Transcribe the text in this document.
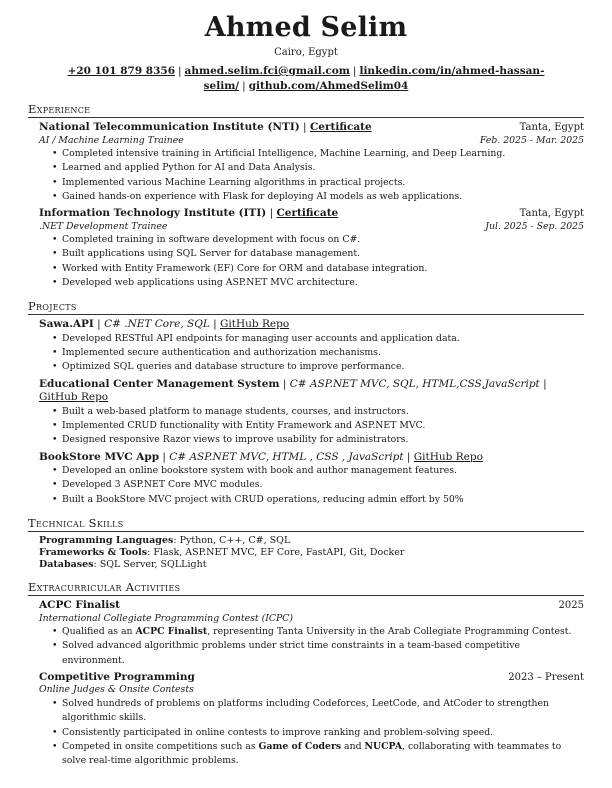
Ahmed Selim
Cairo, Egypt
+20 101 879 8356 | ahmed.selim.fci@gmail.com | linkedin.com/in/ahmed-hassan-selim/ | github.com/AhmedSelim04
Experience
National Telecommunication Institute (NTI) | Certificate	Tanta, Egypt
AI / Machine Learning Trainee	Feb. 2025 - Mar. 2025
• Completed intensive training in Artificial Intelligence, Machine Learning, and Deep Learning.
• Learned and applied Python for AI and Data Analysis.
• Implemented various Machine Learning algorithms in practical projects.
• Gained hands-on experience with Flask for deploying AI models as web applications.
Information Technology Institute (ITI) | Certificate	Tanta, Egypt
.NET Development Trainee	Jul. 2025 - Sep. 2025
• Completed training in software development with focus on C#.
• Built applications using SQL Server for database management.
• Worked with Entity Framework (EF) Core for ORM and database integration.
• Developed web applications using ASP.NET MVC architecture.
Projects
Sawa.API | C# .NET Core, SQL | GitHub Repo
• Developed RESTful API endpoints for managing user accounts and application data.
• Implemented secure authentication and authorization mechanisms.
• Optimized SQL queries and database structure to improve performance.
Educational Center Management System | C# ASP.NET MVC, SQL, HTML,CSS,JavaScript | GitHub Repo
• Built a web-based platform to manage students, courses, and instructors.
• Implemented CRUD functionality with Entity Framework and ASP.NET MVC.
• Designed responsive Razor views to improve usability for administrators.
BookStore MVC App | C# ASP.NET MVC, HTML , CSS , JavaScript | GitHub Repo
• Developed an online bookstore system with book and author management features.
• Developed 3 ASP.NET Core MVC modules.
• Built a BookStore MVC project with CRUD operations, reducing admin effort by 50%
Technical Skills
Programming Languages: Python, C++, C#, SQL
Frameworks & Tools: Flask, ASP.NET MVC, EF Core, FastAPI, Git, Docker
Databases: SQL Server, SQLLight
Extracurricular Activities
ACPC Finalist	2025
International Collegiate Programming Contest (ICPC)
• Qualified as an ACPC Finalist, representing Tanta University in the Arab Collegiate Programming Contest.
• Solved advanced algorithmic problems under strict time constraints in a team-based competitive environment.
Competitive Programming	2023 – Present
Online Judges & Onsite Contests
• Solved hundreds of problems on platforms including Codeforces, LeetCode, and AtCoder to strengthen algorithmic skills.
• Consistently participated in online contests to improve ranking and problem-solving speed.
• Competed in onsite competitions such as Game of Coders and NUCPA, collaborating with teammates to solve real-time algorithmic problems.
